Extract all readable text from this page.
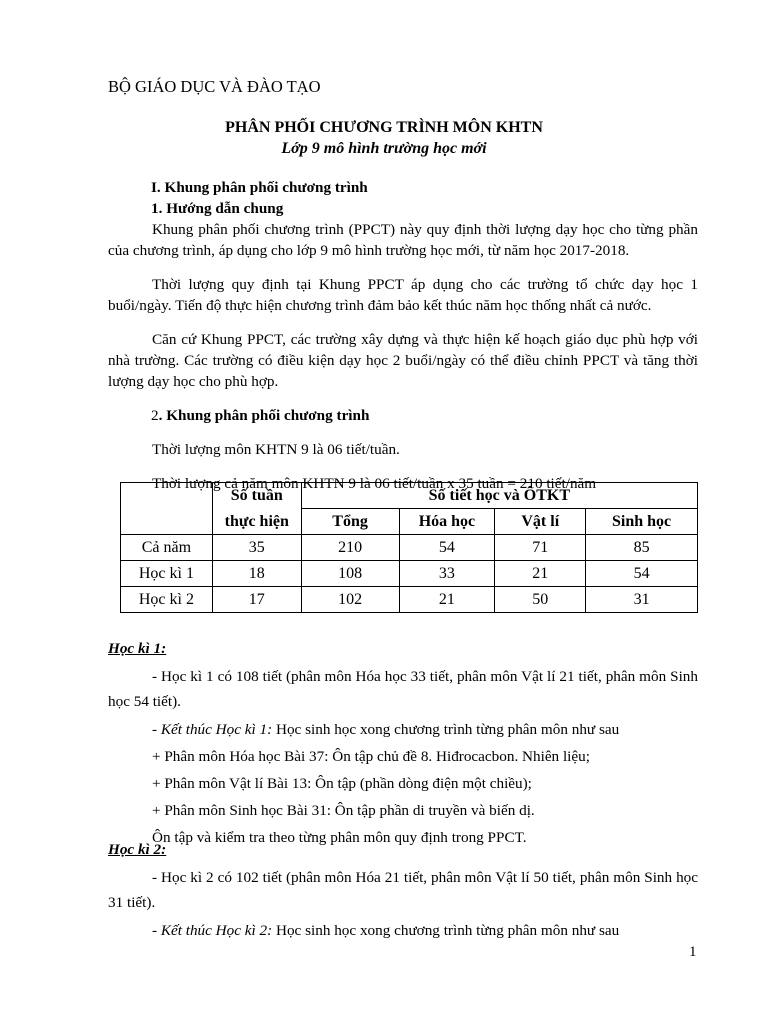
BỘ GIÁO DỤC VÀ ĐÀO TẠO
PHÂN PHỐI CHƯƠNG TRÌNH MÔN KHTN
Lớp 9 mô hình trường học mới
I. Khung phân phối chương trình
1. Hướng dẫn chung

Khung phân phối chương trình (PPCT) này quy định thời lượng dạy học cho từng phần của chương trình, áp dụng cho lớp 9 mô hình trường học mới, từ năm học 2017-2018.

Thời lượng quy định tại Khung PPCT áp dụng cho các trường tổ chức dạy học 1 buổi/ngày. Tiến độ thực hiện chương trình đảm bảo kết thúc năm học thống nhất cả nước.

Căn cứ Khung PPCT, các trường xây dựng và thực hiện kế hoạch giáo dục phù hợp với nhà trường. Các trường có điều kiện dạy học 2 buổi/ngày có thể điều chỉnh PPCT và tăng thời lượng dạy học cho phù hợp.

2. Khung phân phối chương trình
Thời lượng môn KHTN 9 là 06 tiết/tuần.
Thời lượng cả năm môn KHTN 9 là 06 tiết/tuần x 35 tuần = 210 tiết/năm
	Số tuần	Số tiết học và ÔTKT			
	thực hiện	Tổng	Hóa học	Vật lí	Sinh học
Cả năm	35	210	54	71	85
Học kì 1	18	108	33	21	54
Học kì 2	17	102	21	50	31
Học kì 1:

- Học kì 1 có 108 tiết (phân môn Hóa học 33 tiết, phân môn Vật lí 21 tiết, phân môn Sinh học 54 tiết).

- Kết thúc Học kì 1: Học sinh học xong chương trình từng phân môn như sau
+ Phân môn Hóa học Bài 37: Ôn tập chủ đề 8. Hiđrocacbon. Nhiên liệu;
+ Phân môn Vật lí Bài 13: Ôn tập (phần dòng điện một chiều);
+ Phân môn Sinh học Bài 31: Ôn tập phần di truyền và biến dị.
Ôn tập và kiểm tra theo từng phân môn quy định trong PPCT.
Học kì 2:

- Học kì 2 có 102 tiết (phân môn Hóa 21 tiết, phân môn Vật lí 50 tiết, phân môn Sinh học 31 tiết).

- Kết thúc Học kì 2: Học sinh học xong chương trình từng phân môn như sau
1
